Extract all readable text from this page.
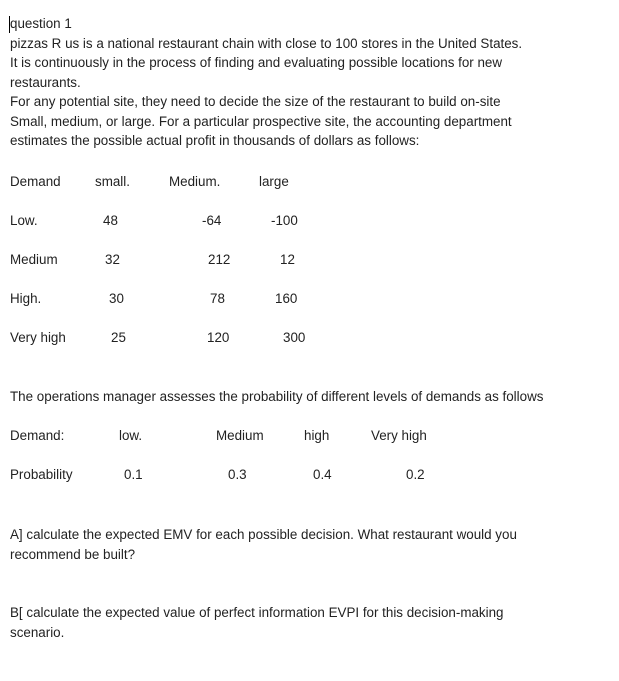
question 1

pizzas R us is a national restaurant chain with close to 100 stores in the United States.

It is continuously in the process of finding and evaluating possible locations for new

restaurants.

For any potential site, they need to decide the size of the restaurant to build on-site

Small, medium, or large. For a particular prospective site, the accounting department

estimates the possible actual profit in thousands of dollars as follows:

Demand	small.	Medium.	large
Low.	48	-64	-100
Medium	32	212	12
High.	30	78	160
Very high	25	120	300
The operations manager assesses the probability of different levels of demands as follows
Demand:	low.	Medium	high	Very high
Probability	0.1	0.3	0.4	0.2

A] calculate the expected EMV for each possible decision. What restaurant would you

recommend be built?

B[ calculate the expected value of perfect information EVPI for this decision-making

scenario.
